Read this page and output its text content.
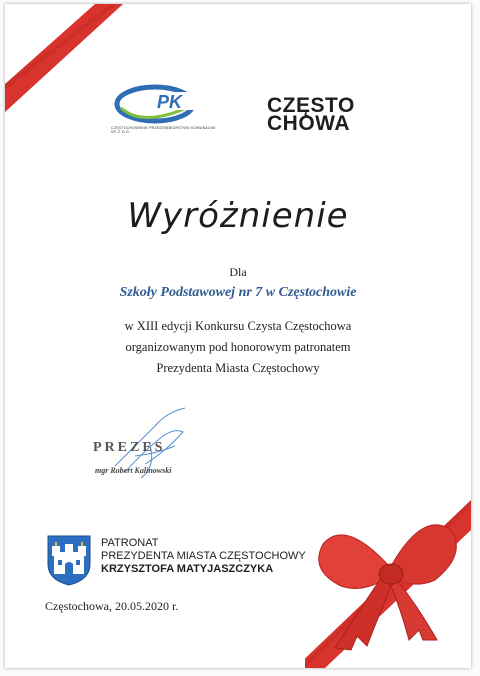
PK
CZĘSTOCHOWSKIE PRZEDSIĘBIORSTWO KOMUNALNE SP. Z O.O.
CZĘSTO
CHOWA
Wyróżnienie
Dla
Szkoły Podstawowej nr 7 w Częstochowie
w XIII edycji Konkursu Czysta Częstochowa
organizowanym pod honorowym patronatem
Prezydenta Miasta Częstochowy
PREZES
mgr Robert Kalinowski
PATRONAT
PREZYDENTA MIASTA CZĘSTOCHOWY
KRZYSZTOFA MATYJASZCZYKA
Częstochowa, 20.05.2020 r.
